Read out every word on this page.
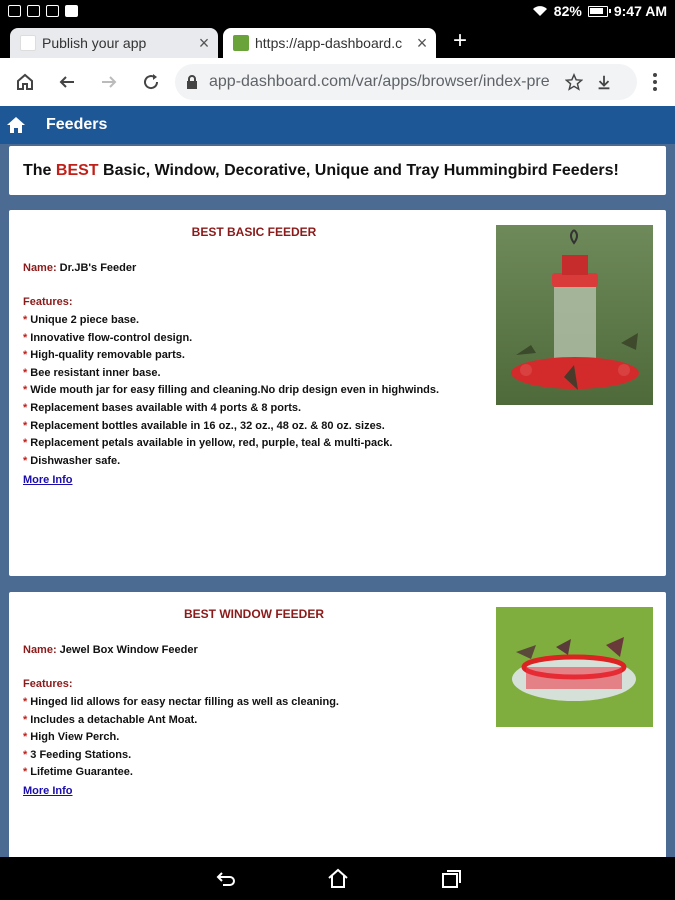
82% 9:47 AM
Publish your app	×	https://app-dashboard.c ×	+
app-dashboard.com/var/apps/browser/index-pre
Feeders
The BEST Basic, Window, Decorative, Unique and Tray Hummingbird Feeders!
BEST BASIC FEEDER
Name: Dr.JB's Feeder
Features:
* Unique 2 piece base.
* Innovative flow-control design.
* High-quality removable parts.
* Bee resistant inner base.
* Wide mouth jar for easy filling and cleaning.No drip design even in highwinds.
* Replacement bases available with 4 ports & 8 ports.
* Replacement bottles available in 16 oz., 32 oz., 48 oz. & 80 oz. sizes.
* Replacement petals available in yellow, red, purple, teal & multi-pack.
* Dishwasher safe.
More Info
BEST WINDOW FEEDER
Name: Jewel Box Window Feeder
Features:
* Hinged lid allows for easy nectar filling as well as cleaning.
* Includes a detachable Ant Moat.
* High View Perch.
* 3 Feeding Stations.
* Lifetime Guarantee.
More Info
